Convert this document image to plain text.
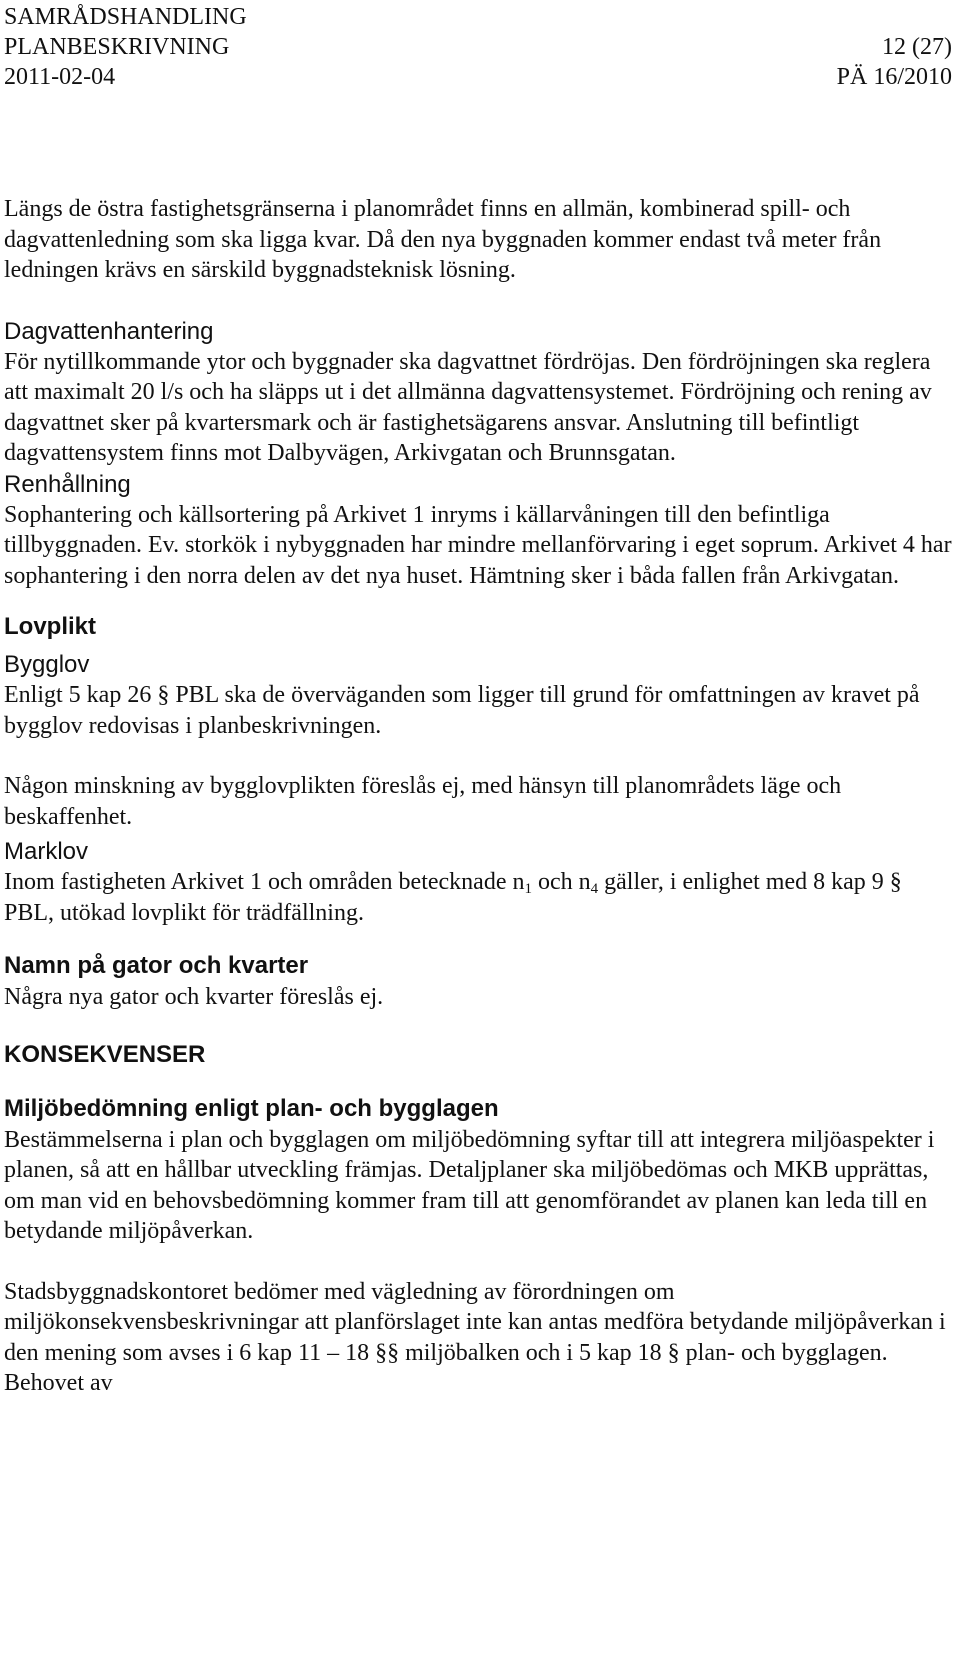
SAMRÅDSHANDLING
PLANBESKRIVNING	12 (27)
2011-02-04	PÄ 16/2010

Längs de östra fastighetsgränserna i planområdet finns en allmän, kombinerad spill- och dagvattenledning som ska ligga kvar. Då den nya byggnaden kommer endast två meter från ledningen krävs en särskild byggnadsteknisk lösning.

Dagvattenhantering

För nytillkommande ytor och byggnader ska dagvattnet fördröjas. Den fördröjningen ska reglera att maximalt 20 l/s och ha släpps ut i det allmänna dagvattensystemet. Fördröjning och rening av dagvattnet sker på kvartersmark och är fastighetsägarens ansvar. Anslutning till befintligt dagvattensystem finns mot Dalbyvägen, Arkivgatan och Brunnsgatan.

Renhållning

Sophantering och källsortering på Arkivet 1 inryms i källarvåningen till den befintliga tillbyggnaden. Ev. storkök i nybyggnaden har mindre mellanförvaring i eget soprum. Arkivet 4 har sophantering i den norra delen av det nya huset. Hämtning sker i båda fallen från Arkivgatan.

Lovplikt
Bygglov

Enligt 5 kap 26 § PBL ska de överväganden som ligger till grund för omfattningen av kravet på bygglov redovisas i planbeskrivningen.

Någon minskning av bygglovplikten föreslås ej, med hänsyn till planområdets läge och beskaffenhet.

Marklov

Inom fastigheten Arkivet 1 och områden betecknade $n_1$ och $n_4$ gäller, i enlighet med 8 kap 9 § PBL, utökad lovplikt för trädfällning.

Namn på gator och kvarter

Några nya gator och kvarter föreslås ej.

KONSEKVENSER
Miljöbedömning enligt plan- och bygglagen

Bestämmelserna i plan och bygglagen om miljöbedömning syftar till att integrera miljöaspekter i planen, så att en hållbar utveckling främjas. Detaljplaner ska miljöbedömas och MKB upprättas, om man vid en behovsbedömning kommer fram till att genomförandet av planen kan leda till en betydande miljöpåverkan.

Stadsbyggnadskontoret bedömer med vägledning av förordningen om miljökonsekvensbeskrivningar att planförslaget inte kan antas medföra betydande miljöpåverkan i den mening som avses i 6 kap 11 – 18 §§ miljöbalken och i 5 kap 18 § plan- och bygglagen. Behovet av
